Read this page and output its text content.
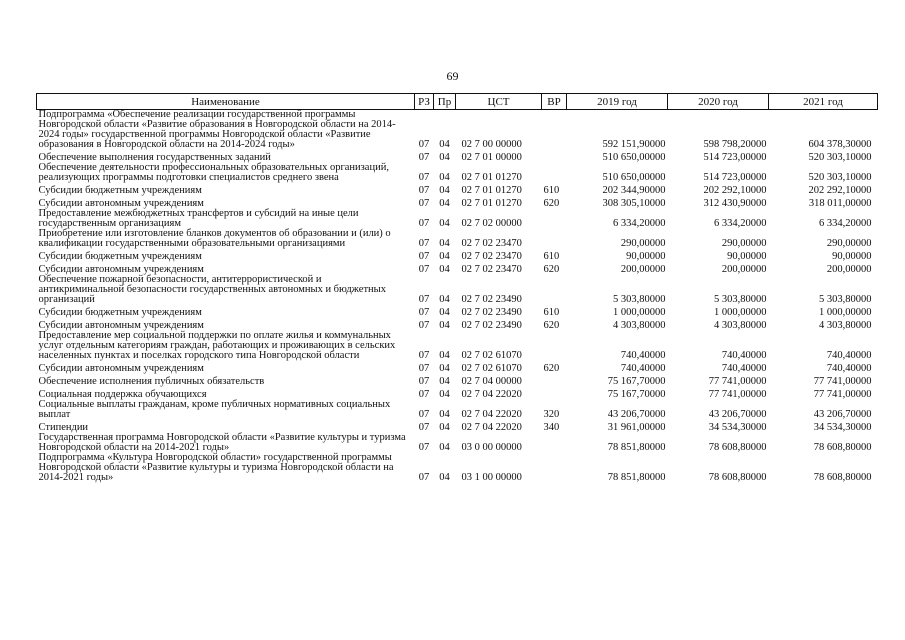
69
Наименование	РЗ	Пр	ЦСТ	ВР	2019 год	2020 год	2021 год
Подпрограмма «Обеспечение реализации государственной программы Новгородской области «Развитие образования в Новгородской области на 2014-2024 годы» государственной программы Новгородской области «Развитие образования в Новгородской области на 2014-2024 годы»	07	04	02 7 00 00000		592 151,90000	598 798,20000	604 378,30000
Обеспечение выполнения государственных заданий	07	04	02 7 01 00000		510 650,00000	514 723,00000	520 303,10000
Обеспечение деятельности профессиональных образовательных организаций, реализующих программы подготовки специалистов среднего звена	07	04	02 7 01 01270		510 650,00000	514 723,00000	520 303,10000
Субсидии бюджетным учреждениям	07	04	02 7 01 01270	610	202 344,90000	202 292,10000	202 292,10000
Субсидии автономным учреждениям	07	04	02 7 01 01270	620	308 305,10000	312 430,90000	318 011,00000
Предоставление межбюджетных трансфертов и субсидий на иные цели государственным организациям	07	04	02 7 02 00000		6 334,20000	6 334,20000	6 334,20000
Приобретение или изготовление бланков документов об образовании и (или) о квалификации государственными образовательными организациями	07	04	02 7 02 23470		290,00000	290,00000	290,00000
Субсидии бюджетным учреждениям	07	04	02 7 02 23470	610	90,00000	90,00000	90,00000
Субсидии автономным учреждениям	07	04	02 7 02 23470	620	200,00000	200,00000	200,00000
Обеспечение пожарной безопасности, антитеррористической и антикриминальной безопасности государственных автономных и бюджетных организаций	07	04	02 7 02 23490		5 303,80000	5 303,80000	5 303,80000
Субсидии бюджетным учреждениям	07	04	02 7 02 23490	610	1 000,00000	1 000,00000	1 000,00000
Субсидии автономным учреждениям	07	04	02 7 02 23490	620	4 303,80000	4 303,80000	4 303,80000
Предоставление мер социальной поддержки по оплате жилья и коммунальных услуг отдельным категориям граждан, работающих и проживающих в сельских населенных пунктах и поселках городского типа Новгородской области	07	04	02 7 02 61070		740,40000	740,40000	740,40000
Субсидии автономным учреждениям	07	04	02 7 02 61070	620	740,40000	740,40000	740,40000
Обеспечение исполнения публичных обязательств	07	04	02 7 04 00000		75 167,70000	77 741,00000	77 741,00000
Социальная поддержка обучающихся	07	04	02 7 04 22020		75 167,70000	77 741,00000	77 741,00000
Социальные выплаты гражданам, кроме публичных нормативных социальных выплат	07	04	02 7 04 22020	320	43 206,70000	43 206,70000	43 206,70000
Стипендии	07	04	02 7 04 22020	340	31 961,00000	34 534,30000	34 534,30000
Государственная программа Новгородской области «Развитие культуры и туризма Новгородской области на 2014-2021 годы»	07	04	03 0 00 00000		78 851,80000	78 608,80000	78 608,80000
Подпрограмма «Культура Новгородской области» государственной программы Новгородской области «Развитие культуры и туризма Новгородской области на 2014-2021 годы»	07	04	03 1 00 00000		78 851,80000	78 608,80000	78 608,80000
